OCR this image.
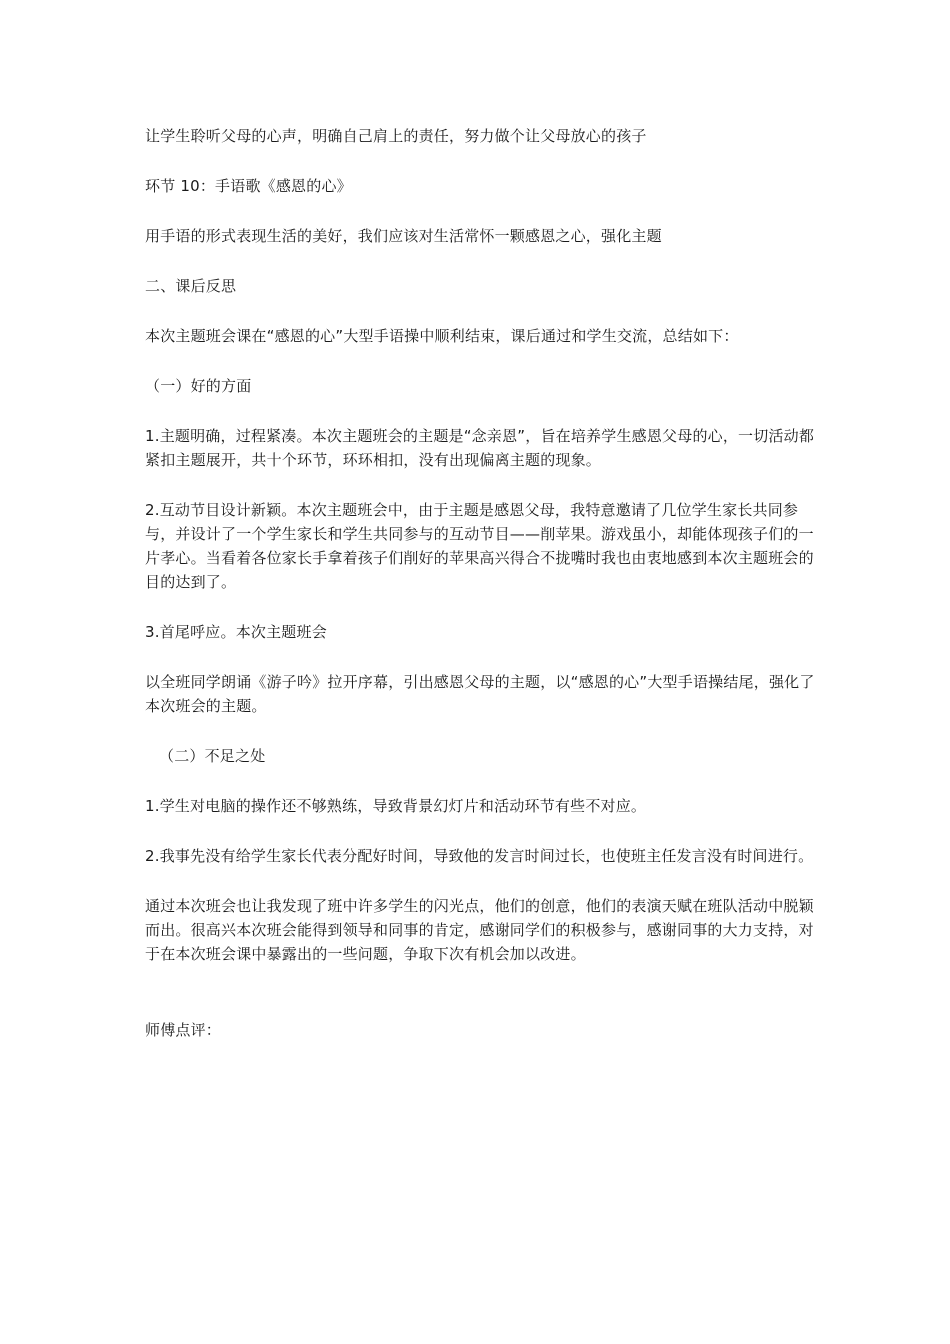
让学生聆听父母的心声，明确自己肩上的责任，努力做个让父母放心的孩子

环节 10：手语歌《感恩的心》

用手语的形式表现生活的美好，我们应该对生活常怀一颗感恩之心，强化主题

二、课后反思

本次主题班会课在“感恩的心”大型手语操中顺利结束，课后通过和学生交流，总结如下：

（一）好的方面

1.主题明确，过程紧凑。本次主题班会的主题是“念亲恩”，旨在培养学生感恩父母的心，一切活动都紧扣主题展开，共十个环节，环环相扣，没有出现偏离主题的现象。

2.互动节目设计新颖。本次主题班会中，由于主题是感恩父母，我特意邀请了几位学生家长共同参与，并设计了一个学生家长和学生共同参与的互动节目——削苹果。游戏虽小，却能体现孩子们的一片孝心。当看着各位家长手拿着孩子们削好的苹果高兴得合不拢嘴时我也由衷地感到本次主题班会的目的达到了。

3.首尾呼应。本次主题班会

以全班同学朗诵《游子吟》拉开序幕，引出感恩父母的主题，以“感恩的心”大型手语操结尾，强化了本次班会的主题。

（二）不足之处

1.学生对电脑的操作还不够熟练，导致背景幻灯片和活动环节有些不对应。

2.我事先没有给学生家长代表分配好时间，导致他的发言时间过长，也使班主任发言没有时间进行。

通过本次班会也让我发现了班中许多学生的闪光点，他们的创意，他们的表演天赋在班队活动中脱颖而出。很高兴本次班会能得到领导和同事的肯定，感谢同学们的积极参与，感谢同事的大力支持，对于在本次班会课中暴露出的一些问题，争取下次有机会加以改进。

师傅点评：
